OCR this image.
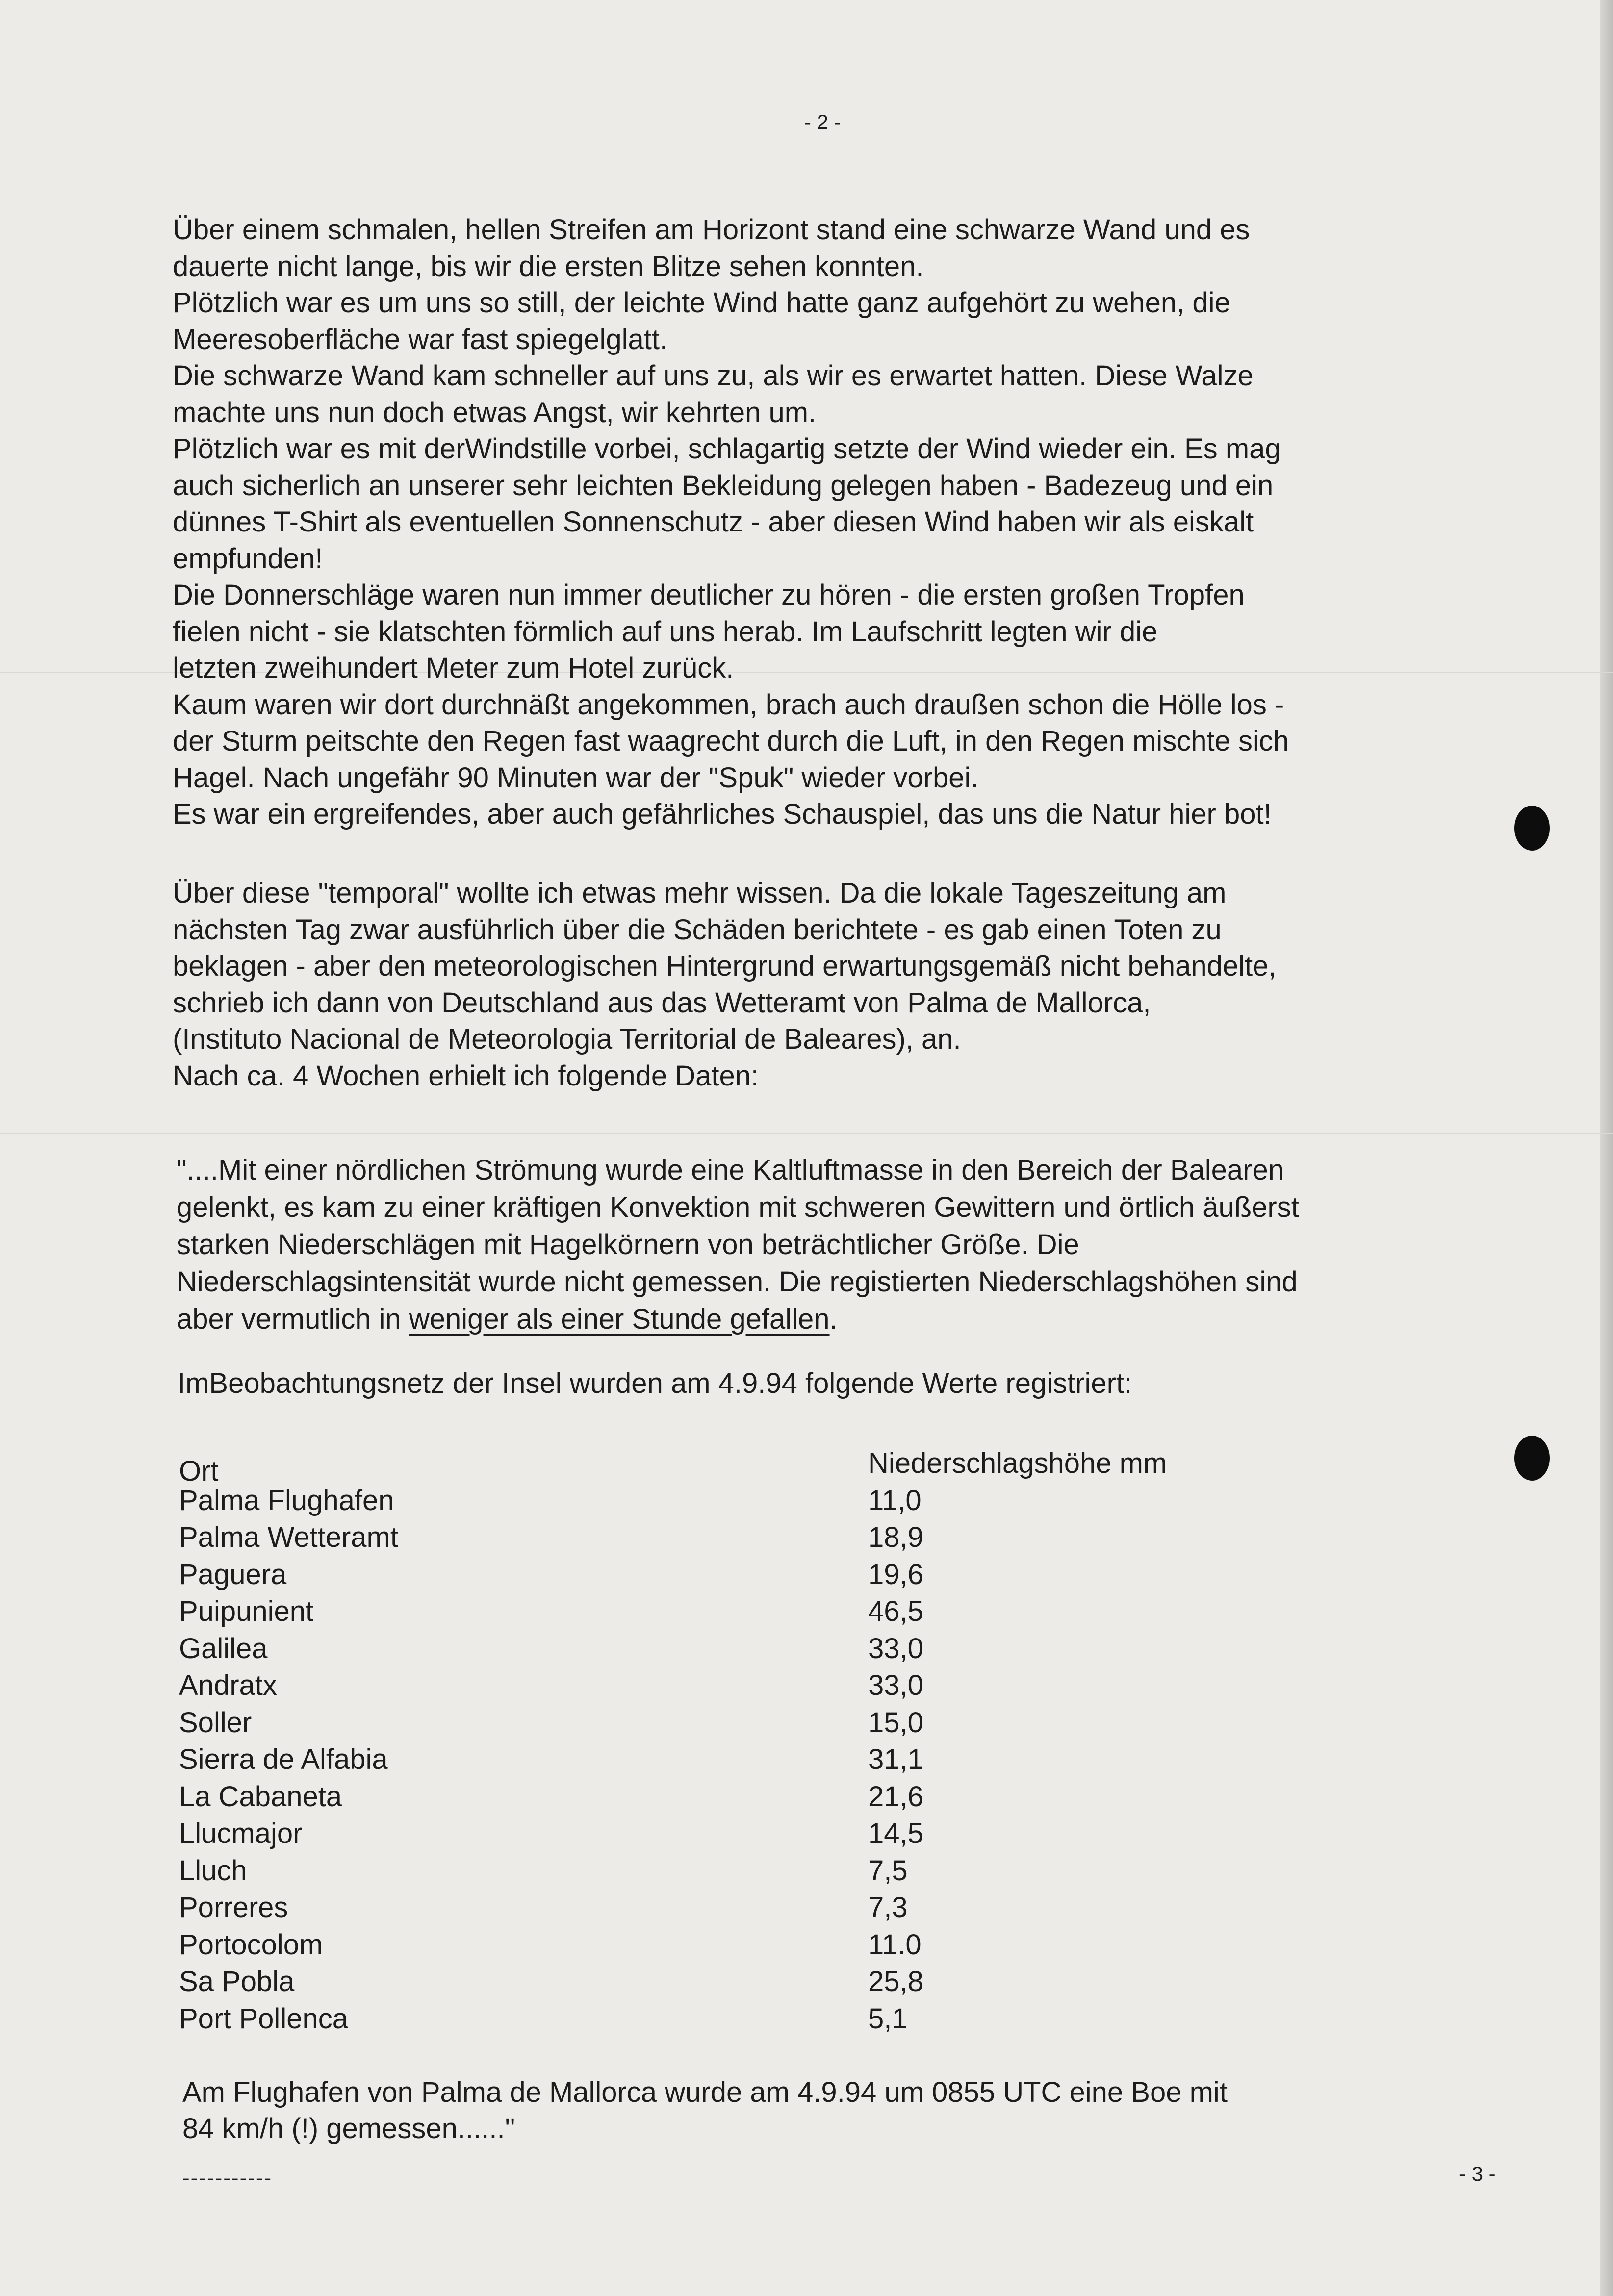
- 2 -
Über einem schmalen, hellen Streifen am Horizont stand eine schwarze Wand und es
dauerte nicht lange, bis wir die ersten Blitze sehen konnten.
Plötzlich war es um uns so still, der leichte Wind hatte ganz aufgehört zu wehen, die
Meeresoberfläche war fast spiegelglatt.
Die schwarze Wand kam schneller auf uns zu, als wir es erwartet hatten. Diese Walze
machte uns nun doch etwas Angst, wir kehrten um.
Plötzlich war es mit derWindstille vorbei, schlagartig setzte der Wind wieder ein. Es mag
auch sicherlich an unserer sehr leichten Bekleidung gelegen haben - Badezeug und ein
dünnes T-Shirt als eventuellen Sonnenschutz - aber diesen Wind haben wir als eiskalt
empfunden!
Die Donnerschläge waren nun immer deutlicher zu hören - die ersten großen Tropfen
fielen nicht - sie klatschten förmlich auf uns herab. Im Laufschritt legten wir die
letzten zweihundert Meter zum Hotel zurück.
Kaum waren wir dort durchnäßt angekommen, brach auch draußen schon die Hölle los -
der Sturm peitschte den Regen fast waagrecht durch die Luft, in den Regen mischte sich
Hagel. Nach ungefähr 90 Minuten war der "Spuk" wieder vorbei.
Es war ein ergreifendes, aber auch gefährliches Schauspiel, das uns die Natur hier bot!
Über diese "temporal" wollte ich etwas mehr wissen. Da die lokale Tageszeitung am
nächsten Tag zwar ausführlich über die Schäden berichtete - es gab einen Toten zu
beklagen - aber den meteorologischen Hintergrund erwartungsgemäß nicht behandelte,
schrieb ich dann von Deutschland aus das Wetteramt von Palma de Mallorca,
(Instituto Nacional de Meteorologia Territorial de Baleares), an.
Nach ca. 4 Wochen erhielt ich folgende Daten:
"....Mit einer nördlichen Strömung wurde eine Kaltluftmasse in den Bereich der Balearen
gelenkt, es kam zu einer kräftigen Konvektion mit schweren Gewittern und örtlich äußerst
starken Niederschlägen mit Hagelkörnern von beträchtlicher Größe. Die
Niederschlagsintensität wurde nicht gemessen. Die registierten Niederschlagshöhen sind
aber vermutlich in weniger als einer Stunde gefallen.
ImBeobachtungsnetz der Insel wurden am 4.9.94 folgende Werte registriert:
Ort	Niederschlagshöhe mm
Palma Flughafen	11,0
Palma Wetteramt	18,9
Paguera	19,6
Puipunient	46,5
Galilea	33,0
Andratx	33,0
Soller	15,0
Sierra de Alfabia	31,1
La Cabaneta	21,6
Llucmajor	14,5
Lluch	7,5
Porreres	7,3
Portocolom	11.0
Sa Pobla	25,8
Port Pollenca	5,1
Am Flughafen von Palma de Mallorca wurde am 4.9.94 um 0855 UTC eine Boe mit
84 km/h (!) gemessen......"
-----------	- 3 -
